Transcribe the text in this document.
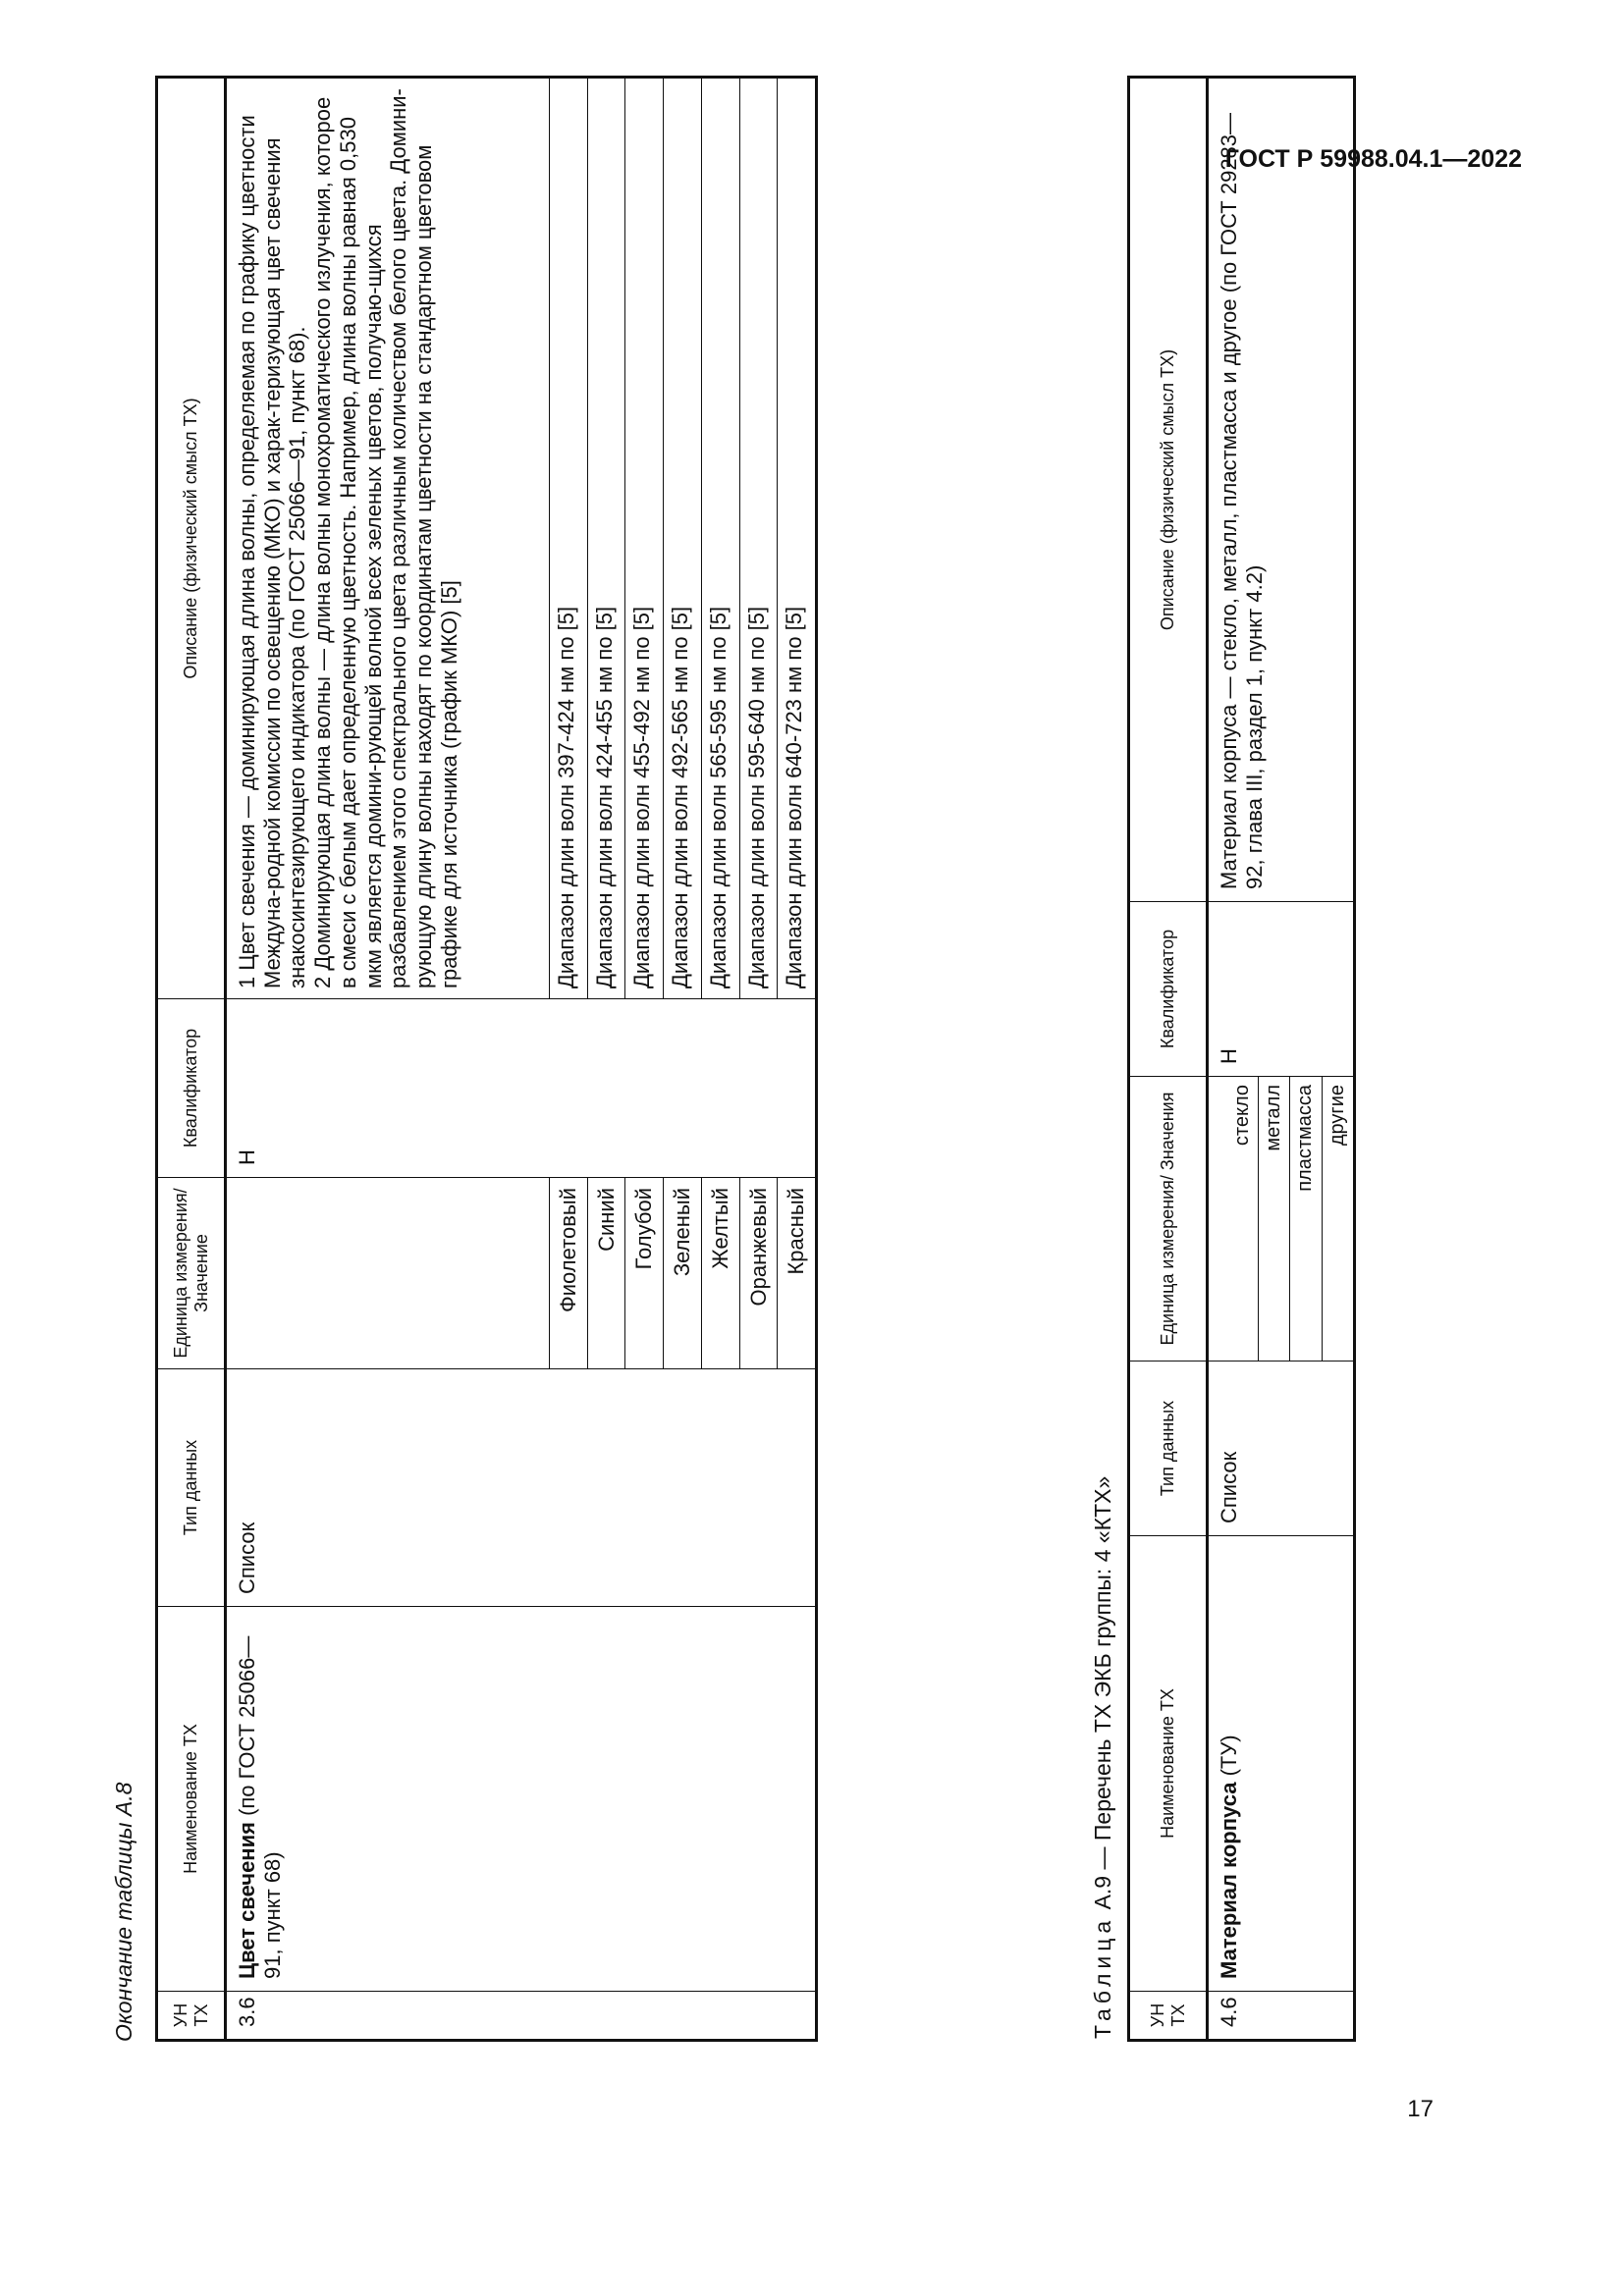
ГОСТ Р 59988.04.1—2022
Окончание таблицы А.8 УН ТХ	Наименование ТХ	Тип данных	Единица измерения/ Значение	Квалификатор	Описание (физический смысл ТХ)
3.6	Цвет свечения (по ГОСТ 25066—91, пункт 68)	Список		Н	1 Цвет свечения — доминирующая длина волны, определяемая по графику цветности Междуна-родной комиссии по освещению (МКО) и харак-теризующая цвет свечения знакосинтезирующего индикатора (по ГОСТ 25066—91, пункт 68). 2 Доминирующая длина волны — длина волны монохроматического излучения, которое в смеси с белым дает определенную цветность. Например, длина волны равная 0,530 мкм является домини-рующей волной всех зеленых цветов, получаю-щихся разбавлением этого спектрального цвета различным количеством белого цвета. Домини-рующую длину волны находят по координатам цветности на стандартном цветовом графике для источника (график МКО) [5]

			Фиолетовый		Диапазон длин волн 397-424 нм по [5]
			Синий		Диапазон длин волн 424-455 нм по [5]
			Голубой		Диапазон длин волн 455-492 нм по [5]
			Зеленый		Диапазон длин волн 492-565 нм по [5]
			Желтый		Диапазон длин волн 565-595 нм по [5]
			Оранжевый		Диапазон длин волн 595-640 нм по [5]
			Красный		Диапазон длин волн 640-723 нм по [5]
Таблица А.9 — Перечень ТХ ЭКБ группы: 4 «КТХ»
УН ТХ	Наименование ТХ	Тип данных	Единица измерения/ Значения	Квалификатор	Описание (физический смысл ТХ)
4.6	Материал корпуса (ТУ)	Список	стекло	Н	Материал корпуса — стекло, металл, пластмасса и другое (по ГОСТ 29283—92, глава III, раздел 1, пункт 4.2)
			металл		
			пластмасса		
			другие		
17
